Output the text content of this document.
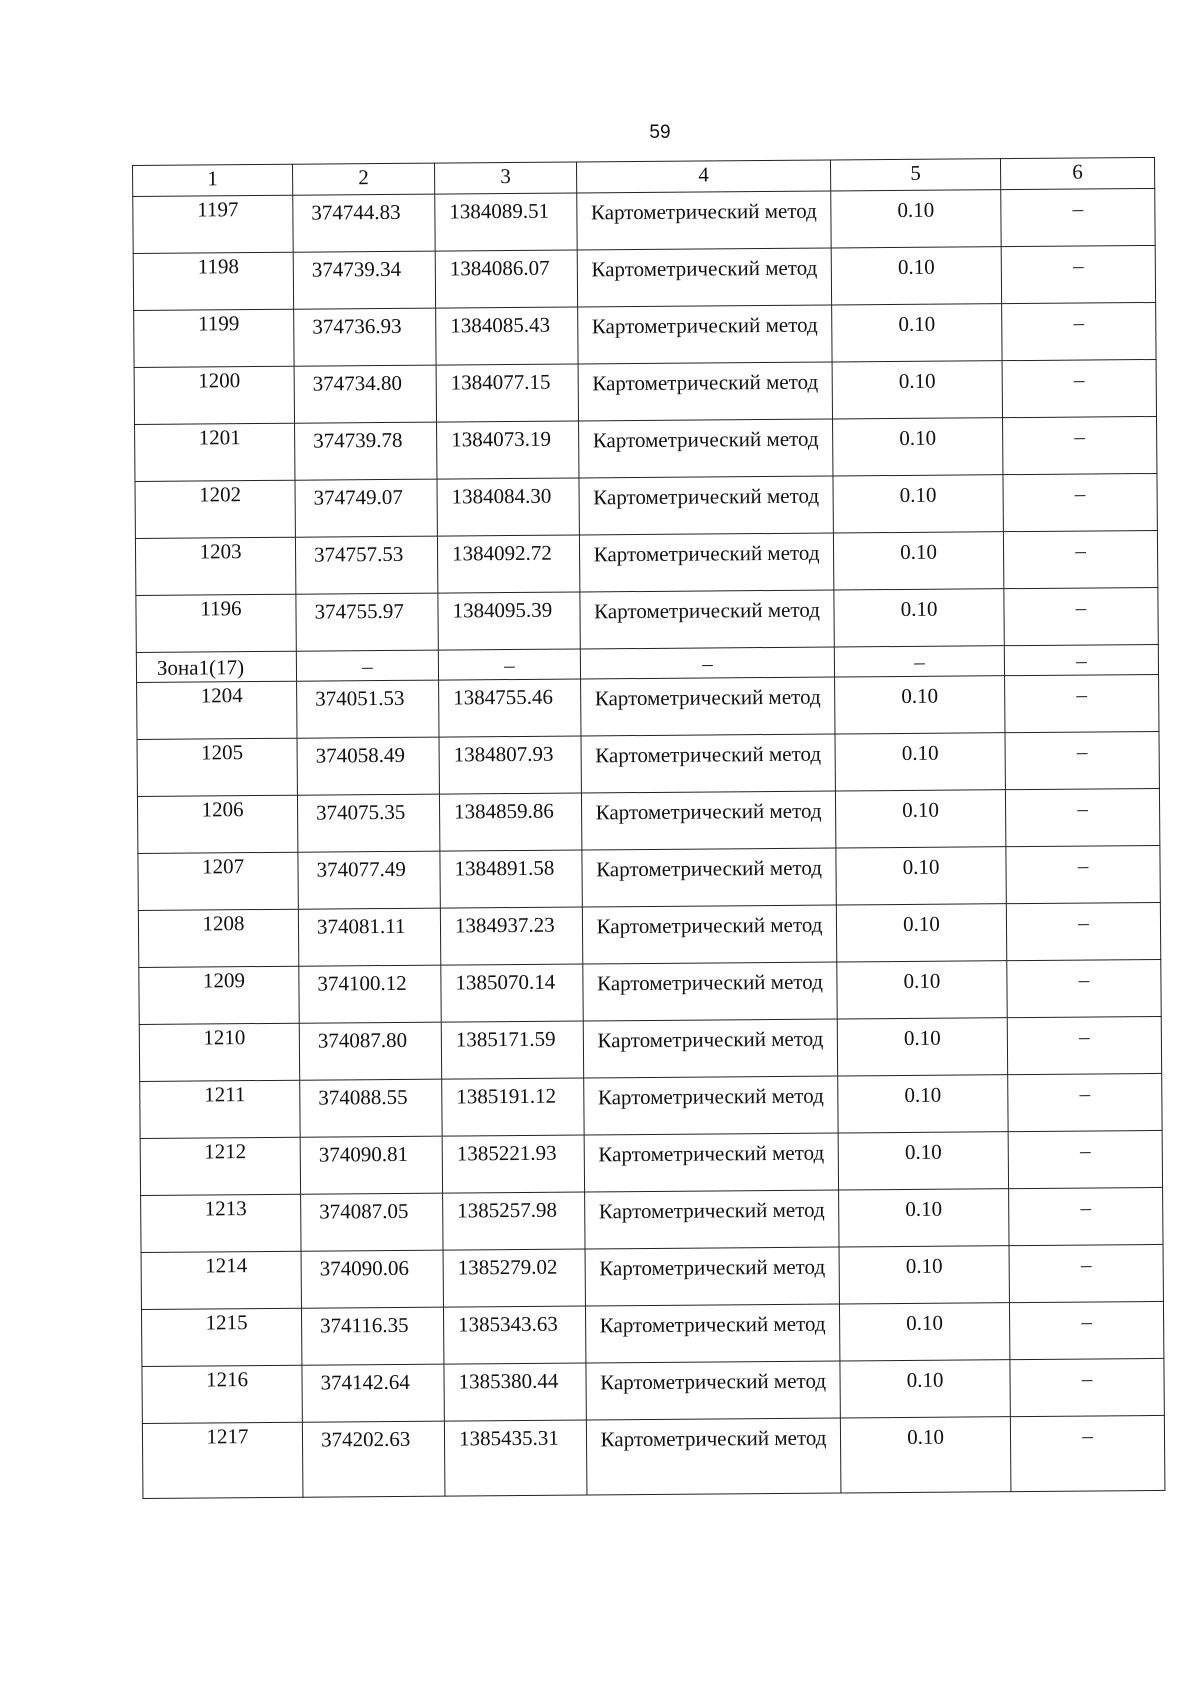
59
1	2	3	4	5	6
1197	374744.83	1384089.51	Картометрический метод	0.10	–
1198	374739.34	1384086.07	Картометрический метод	0.10	–
1199	374736.93	1384085.43	Картометрический метод	0.10	–
1200	374734.80	1384077.15	Картометрический метод	0.10	–
1201	374739.78	1384073.19	Картометрический метод	0.10	–
1202	374749.07	1384084.30	Картометрический метод	0.10	–
1203	374757.53	1384092.72	Картометрический метод	0.10	–
1196	374755.97	1384095.39	Картометрический метод	0.10	–
Зона1(17)	–	–	–	–	–
1204	374051.53	1384755.46	Картометрический метод	0.10	–
1205	374058.49	1384807.93	Картометрический метод	0.10	–
1206	374075.35	1384859.86	Картометрический метод	0.10	–
1207	374077.49	1384891.58	Картометрический метод	0.10	–
1208	374081.11	1384937.23	Картометрический метод	0.10	–
1209	374100.12	1385070.14	Картометрический метод	0.10	–
1210	374087.80	1385171.59	Картометрический метод	0.10	–
1211	374088.55	1385191.12	Картометрический метод	0.10	–
1212	374090.81	1385221.93	Картометрический метод	0.10	–
1213	374087.05	1385257.98	Картометрический метод	0.10	–
1214	374090.06	1385279.02	Картометрический метод	0.10	–
1215	374116.35	1385343.63	Картометрический метод	0.10	–
1216	374142.64	1385380.44	Картометрический метод	0.10	–
1217	374202.63	1385435.31	Картометрический метод	0.10	–
